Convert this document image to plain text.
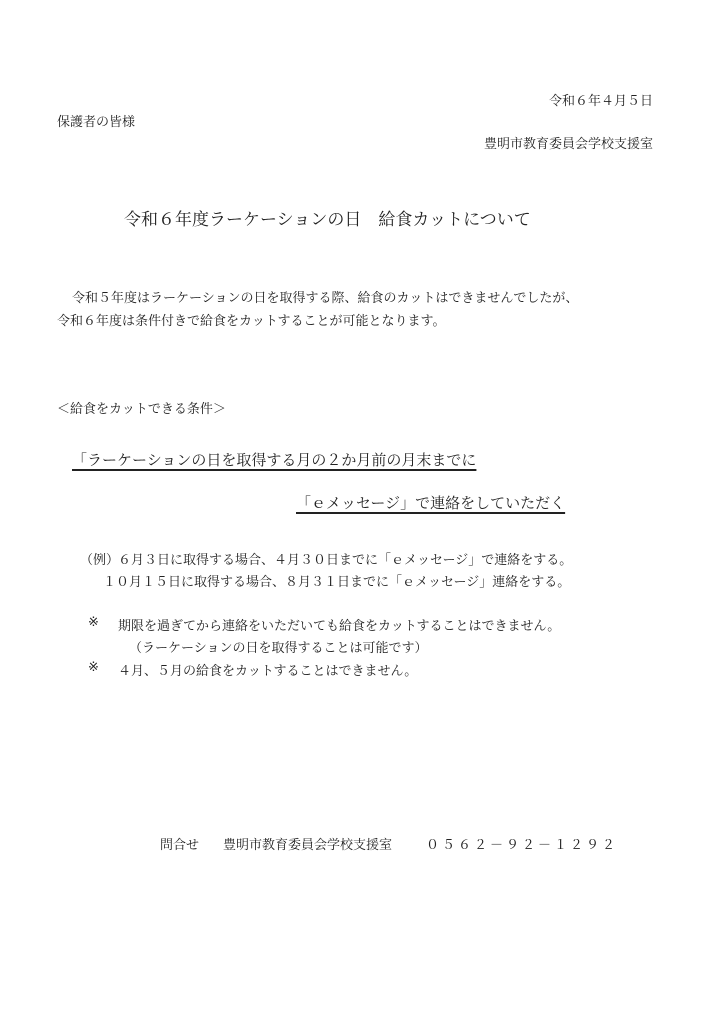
令和６年４月５日
保護者の皆様
豊明市教育委員会学校支援室
令和６年度ラーケーションの日　給食カットについて
令和５年度はラーケーションの日を取得する際、給食のカットはできませんでしたが、
令和６年度は条件付きで給食をカットすることが可能となります。
＜給食をカットできる条件＞
「ラーケーションの日を取得する月の２か月前の月末までに
「ｅメッセージ」で連絡をしていただく
（例）
６月３日に取得する場合、４月３０日までに「ｅメッセージ」で連絡をする。
１０月１５日に取得する場合、８月３１日までに「ｅメッセージ」連絡をする。
※ 期限を過ぎてから連絡をいただいても給食をカットすることはできません。
（ラーケーションの日を取得することは可能です）
※ ４月、５月の給食をカットすることはできません。
問合せ 豊明市教育委員会学校支援室	０５６２－９２－１２９２
